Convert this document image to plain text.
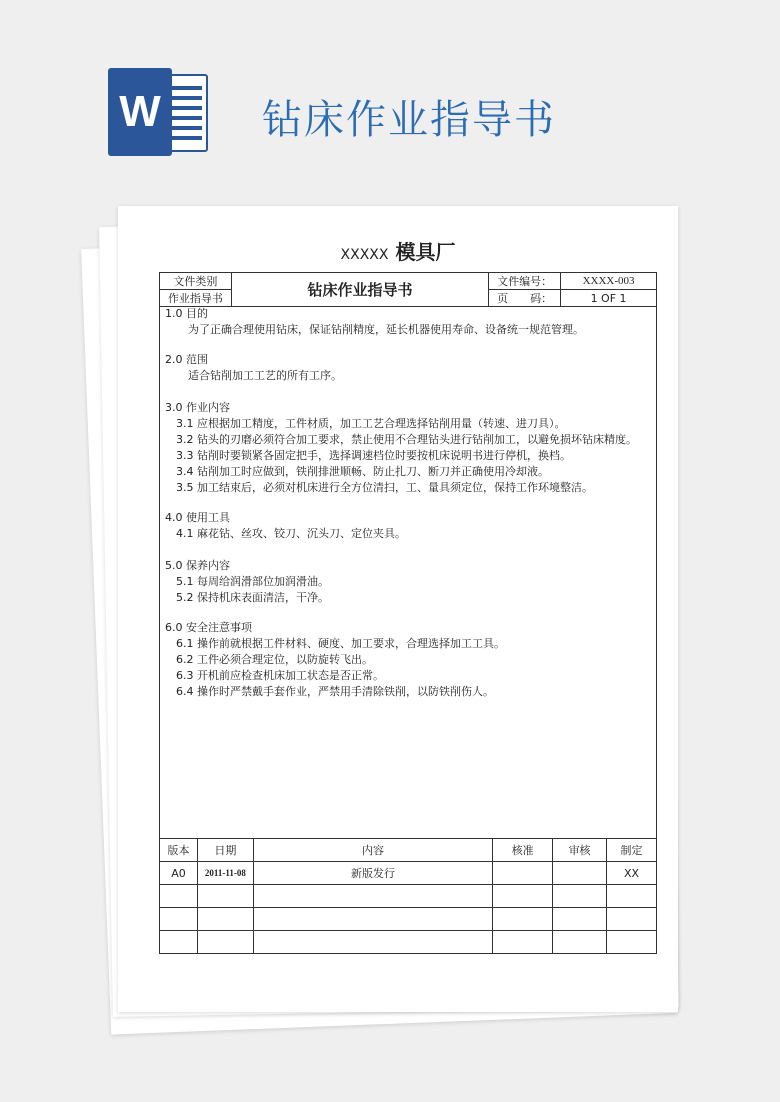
W	钻床作业指导书
XXXXX 模具厂
文件类别	钻床作业指导书	文件编号：	XXXX-003
作业指导书		页　　码：	1 OF 1
1.0 目的
为了正确合理使用钻床，保证钻削精度，延长机器使用寿命、设备统一规范管理。
2.0 范围
适合钻削加工工艺的所有工序。
3.0 作业内容
3.1 应根据加工精度，工件材质，加工工艺合理选择钻削用量（转速、进刀具）。
3.2 钻头的刃磨必须符合加工要求，禁止使用不合理钻头进行钻削加工，以避免损坏钻床精度。
3.3 钻削时要锁紧各固定把手，选择调速档位时要按机床说明书进行停机，换档。
3.4 钻削加工时应做到，铁削排泄顺畅、防止扎刀、断刀并正确使用冷却液。
3.5 加工结束后，必须对机床进行全方位清扫，工、量具须定位，保持工作环境整洁。
4.0 使用工具
4.1 麻花钻、丝攻、铰刀、沉头刀、定位夹具。
5.0 保养内容
5.1 每周给润滑部位加润滑油。
5.2 保持机床表面清洁，干净。
6.0 安全注意事项
6.1 操作前就根据工件材料、硬度、加工要求，合理选择加工工具。
6.2 工件必须合理定位，以防旋转飞出。
6.3 开机前应检查机床加工状态是否正常。
6.4 操作时严禁戴手套作业，严禁用手清除铁削，以防铁削伤人。
版本	日期	内容	核准	审核	制定
A0	2011-11-08	新版发行			XX
